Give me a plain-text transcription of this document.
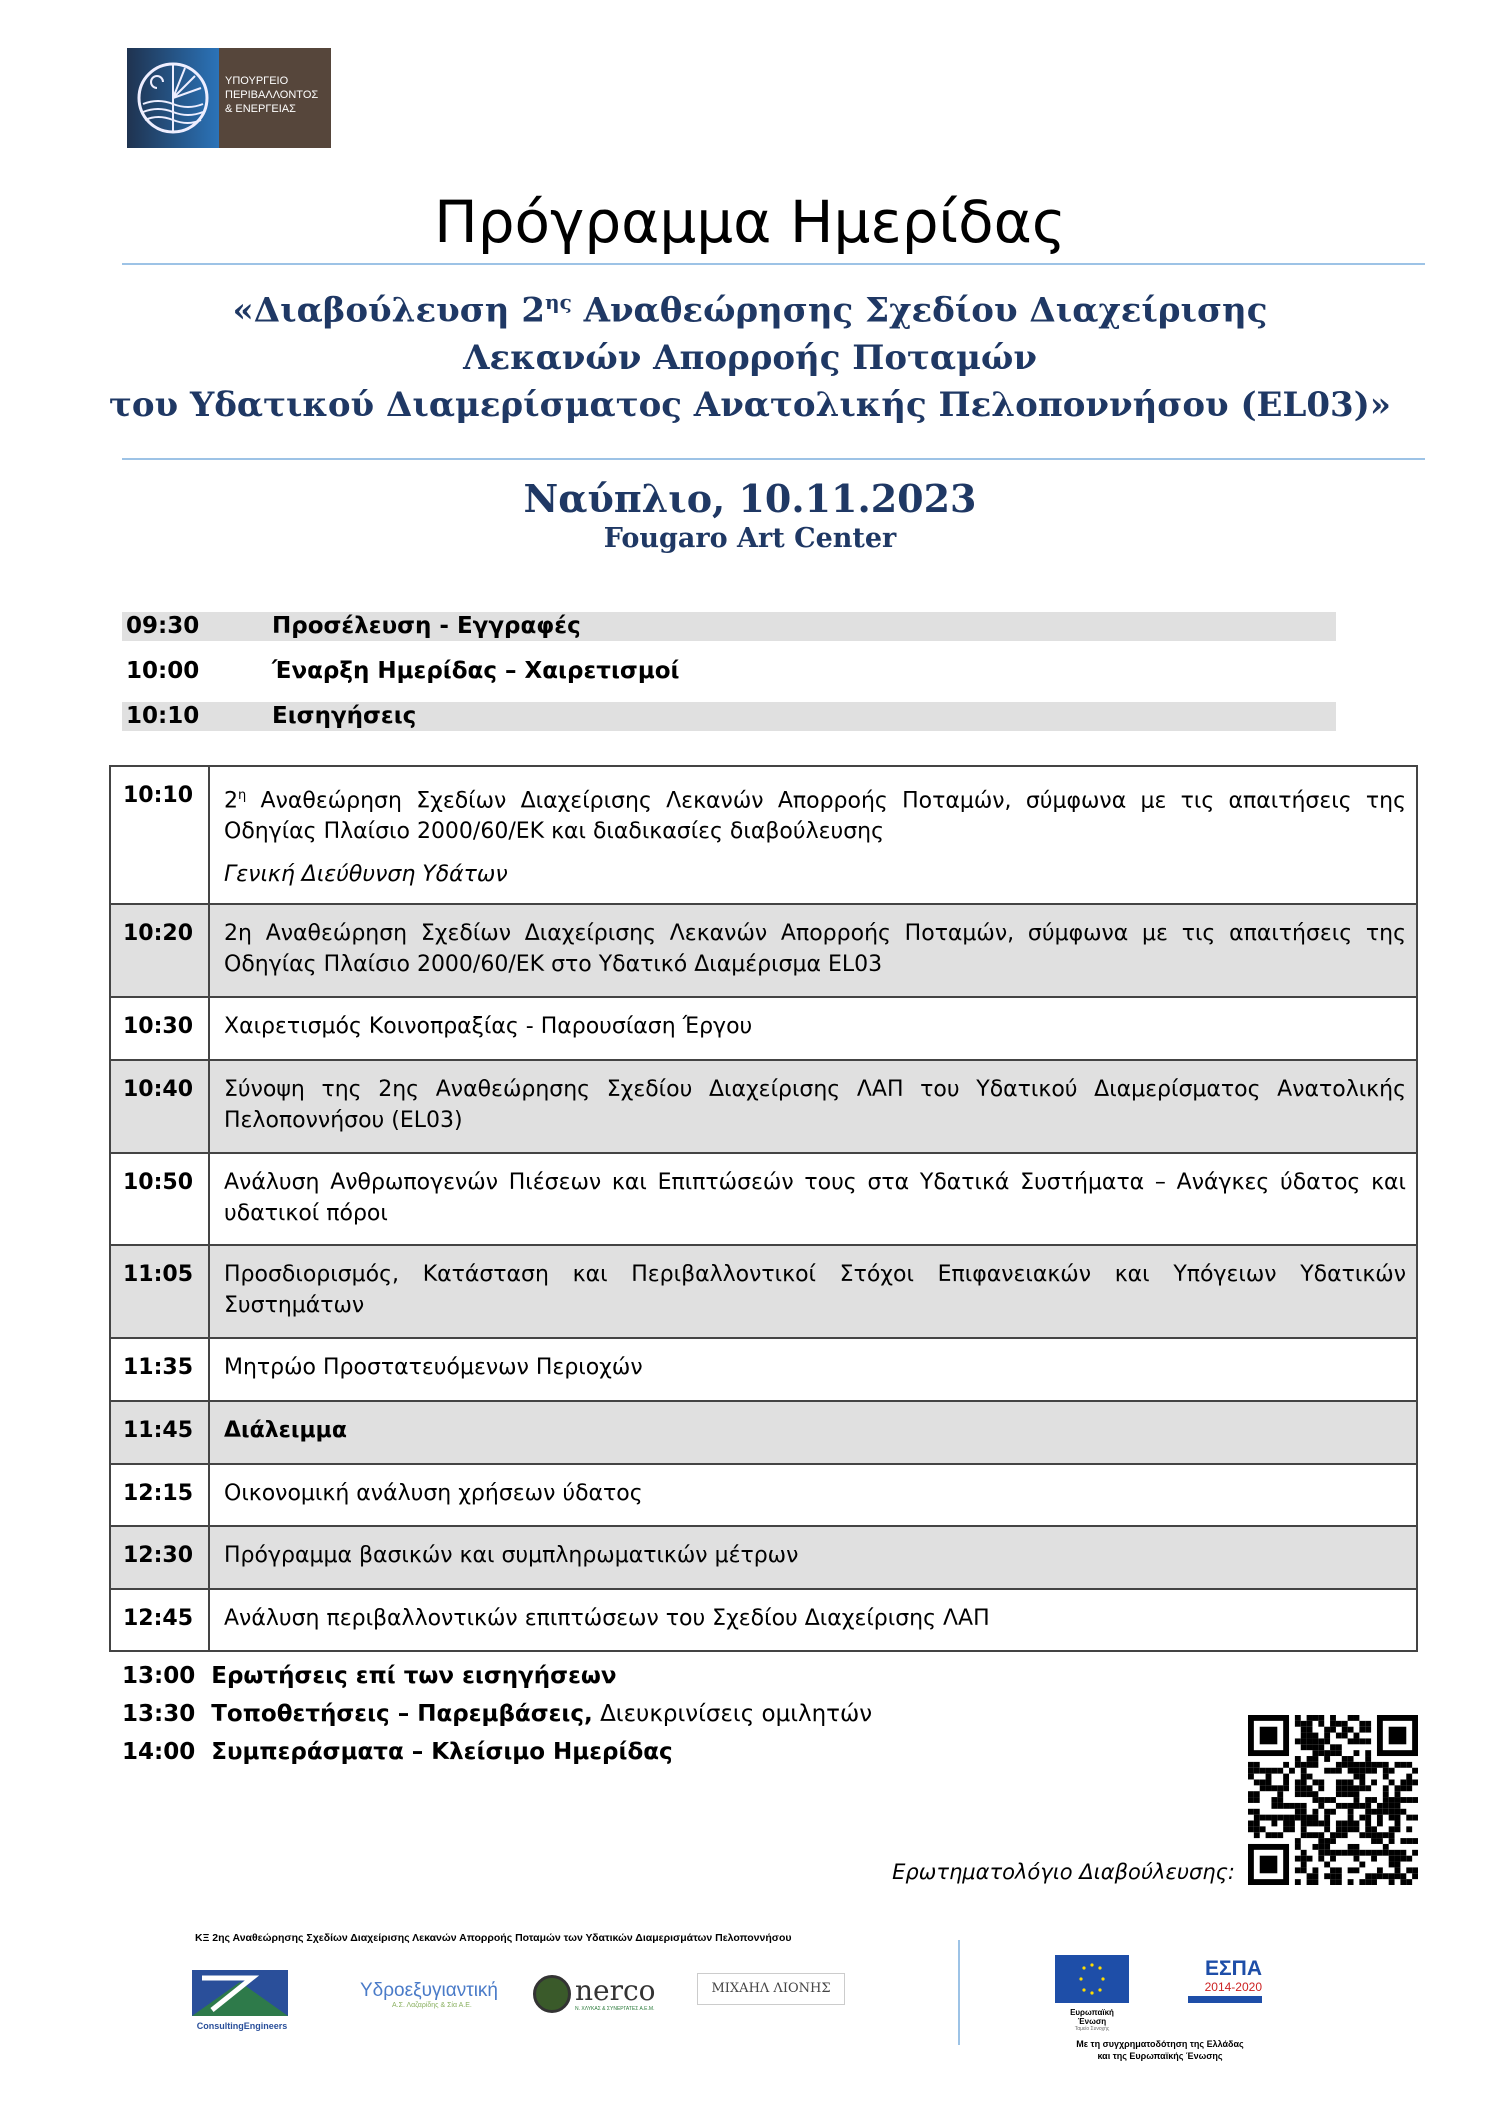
ΥΠΟΥΡΓΕΙΟ
ΠΕΡΙΒΑΛΛΟΝΤΟΣ
& ΕΝΕΡΓΕΙΑΣ
Πρόγραμμα Ημερίδας
«Διαβούλευση $2^{\eta\varsigma}$ Αναθεώρησης Σχεδίου Διαχείρισης
Λεκανών Απορροής Ποταμών
του Υδατικού Διαμερίσματος Ανατολικής Πελοποννήσου (EL03)»
Ναύπλιο, 10.11.2023
Fougaro Art Center
09:30	Προσέλευση - Εγγραφές
10:00	Έναρξη Ημερίδας – Χαιρετισμοί
10:10	Εισηγήσεις
10:10	$2^\eta$ Αναθεώρηση Σχεδίων Διαχείρισης Λεκανών Απορροής Ποταμών, σύμφωνα με τις απαιτήσεις της Οδηγίας Πλαίσιο 2000/60/ΕΚ και διαδικασίες διαβούλευσης
Γενική Διεύθυνση Υδάτων
10:20	2η Αναθεώρηση Σχεδίων Διαχείρισης Λεκανών Απορροής Ποταμών, σύμφωνα με τις απαιτήσεις της Οδηγίας Πλαίσιο 2000/60/ΕΚ στο Υδατικό Διαμέρισμα EL03
10:30	Χαιρετισμός Κοινοπραξίας - Παρουσίαση Έργου
10:40	Σύνοψη της 2ης Αναθεώρησης Σχεδίου Διαχείρισης ΛΑΠ του Υδατικού Διαμερίσματος Ανατολικής Πελοποννήσου (EL03)
10:50	Ανάλυση Ανθρωπογενών Πιέσεων και Επιπτώσεών τους στα Υδατικά Συστήματα – Ανάγκες ύδατος και υδατικοί πόροι
11:05	Προσδιορισμός, Κατάσταση και Περιβαλλοντικοί Στόχοι Επιφανειακών και Υπόγειων Υδατικών Συστημάτων
11:35	Μητρώο Προστατευόμενων Περιοχών
11:45	Διάλειμμα
12:15	Οικονομική ανάλυση χρήσεων ύδατος
12:30	Πρόγραμμα βασικών και συμπληρωματικών μέτρων
12:45	Ανάλυση περιβαλλοντικών επιπτώσεων του Σχεδίου Διαχείρισης ΛΑΠ
13:00 Ερωτήσεις επί των εισηγήσεων
13:30 Τοποθετήσεις – Παρεμβάσεις, Διευκρινίσεις ομιλητών
14:00 Συμπεράσματα – Κλείσιμο Ημερίδας
Ερωτηματολόγιο Διαβούλευσης:
ΚΞ 2ης Αναθεώρησης Σχεδίων Διαχείρισης Λεκανών Απορροής Ποταμών των Υδατικών Διαμερισμάτων Πελοποννήσου
ConsultingEngineers
Υδροεξυγιαντική
Α.Σ. Λαζαρίδης & Σία Α.Ε.	nerco
Ν. ΧΛΥΚΑΣ & ΣΥΝΕΡΓΑΤΕΣ Α.Ε.Μ.
ΜΙΧΑΗΛ ΛΙΟΝΗΣ
Ευρωπαϊκή Ένωση
Ταμείο Συνοχής
ΕΣΠΑ
2014-2020
Με τη συγχρηματοδότηση της Ελλάδας
και της Ευρωπαϊκής Ένωσης
